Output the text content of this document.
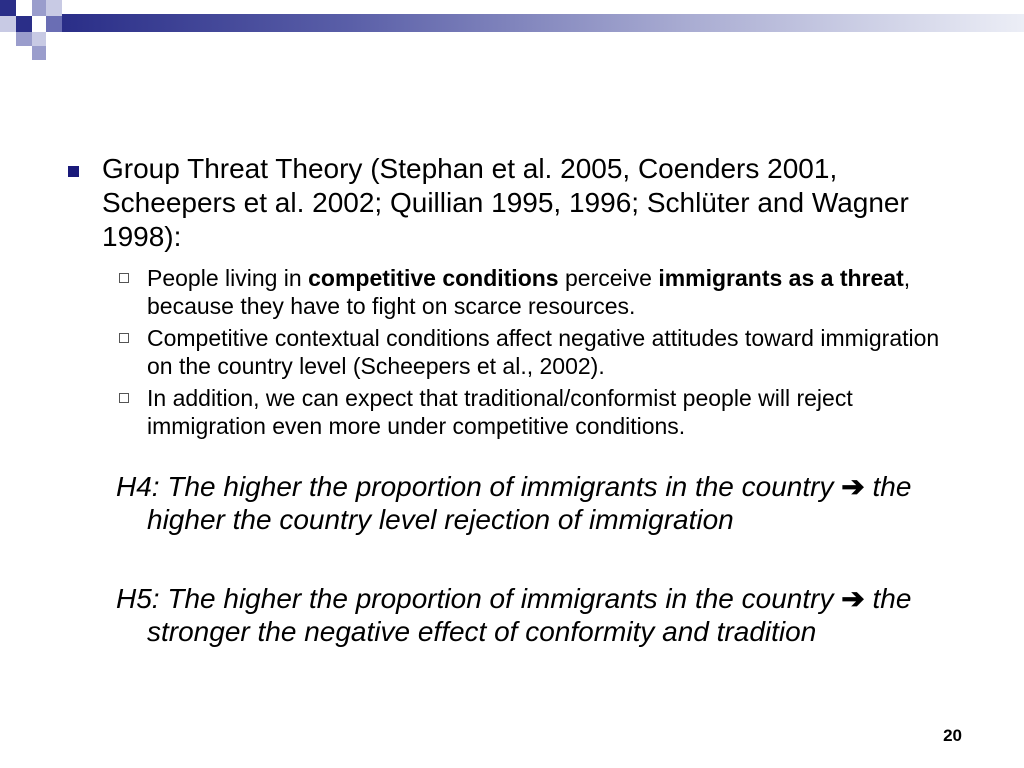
Group Threat Theory (Stephan et al. 2005, Coenders 2001, Scheepers et al. 2002; Quillian 1995, 1996; Schlüter and Wagner 1998):
People living in competitive conditions perceive immigrants as a threat, because they have to fight on scarce resources.
Competitive contextual conditions affect negative attitudes toward immigration on the country level (Scheepers et al., 2002).
In addition, we can expect that traditional/conformist people will reject immigration even more under competitive conditions.
H4: The higher the proportion of immigrants in the country ➔ the higher the country level rejection of immigration
H5: The higher the proportion of immigrants in the country ➔ the stronger the negative effect of conformity and tradition
20
